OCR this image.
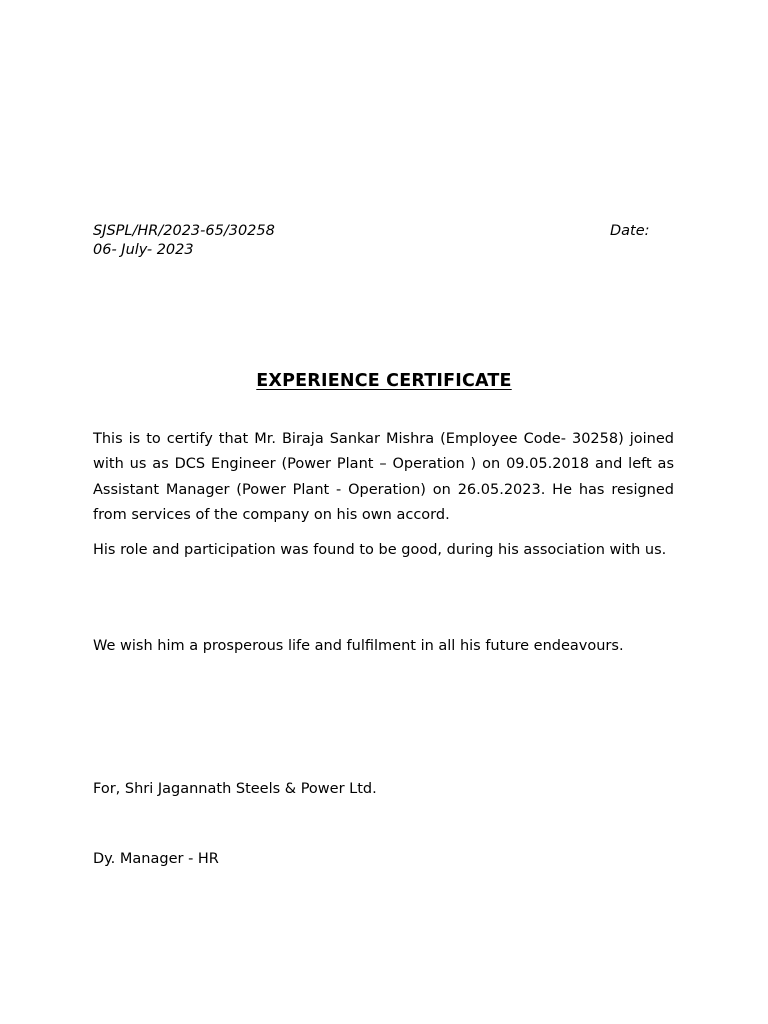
SJSPL/HR/2023-65/30258	Date:
06- July- 2023
EXPERIENCE CERTIFICATE
This is to certify that Mr. Biraja Sankar Mishra (Employee Code- 30258) joined with us as DCS Engineer (Power Plant – Operation ) on 09.05.2018 and left as Assistant Manager (Power Plant - Operation) on 26.05.2023. He has resigned from services of the company on his own accord.
His role and participation was found to be good, during his association with us.
We wish him a prosperous life and fulfilment in all his future endeavours.
For, Shri Jagannath Steels & Power Ltd.
Dy. Manager - HR
